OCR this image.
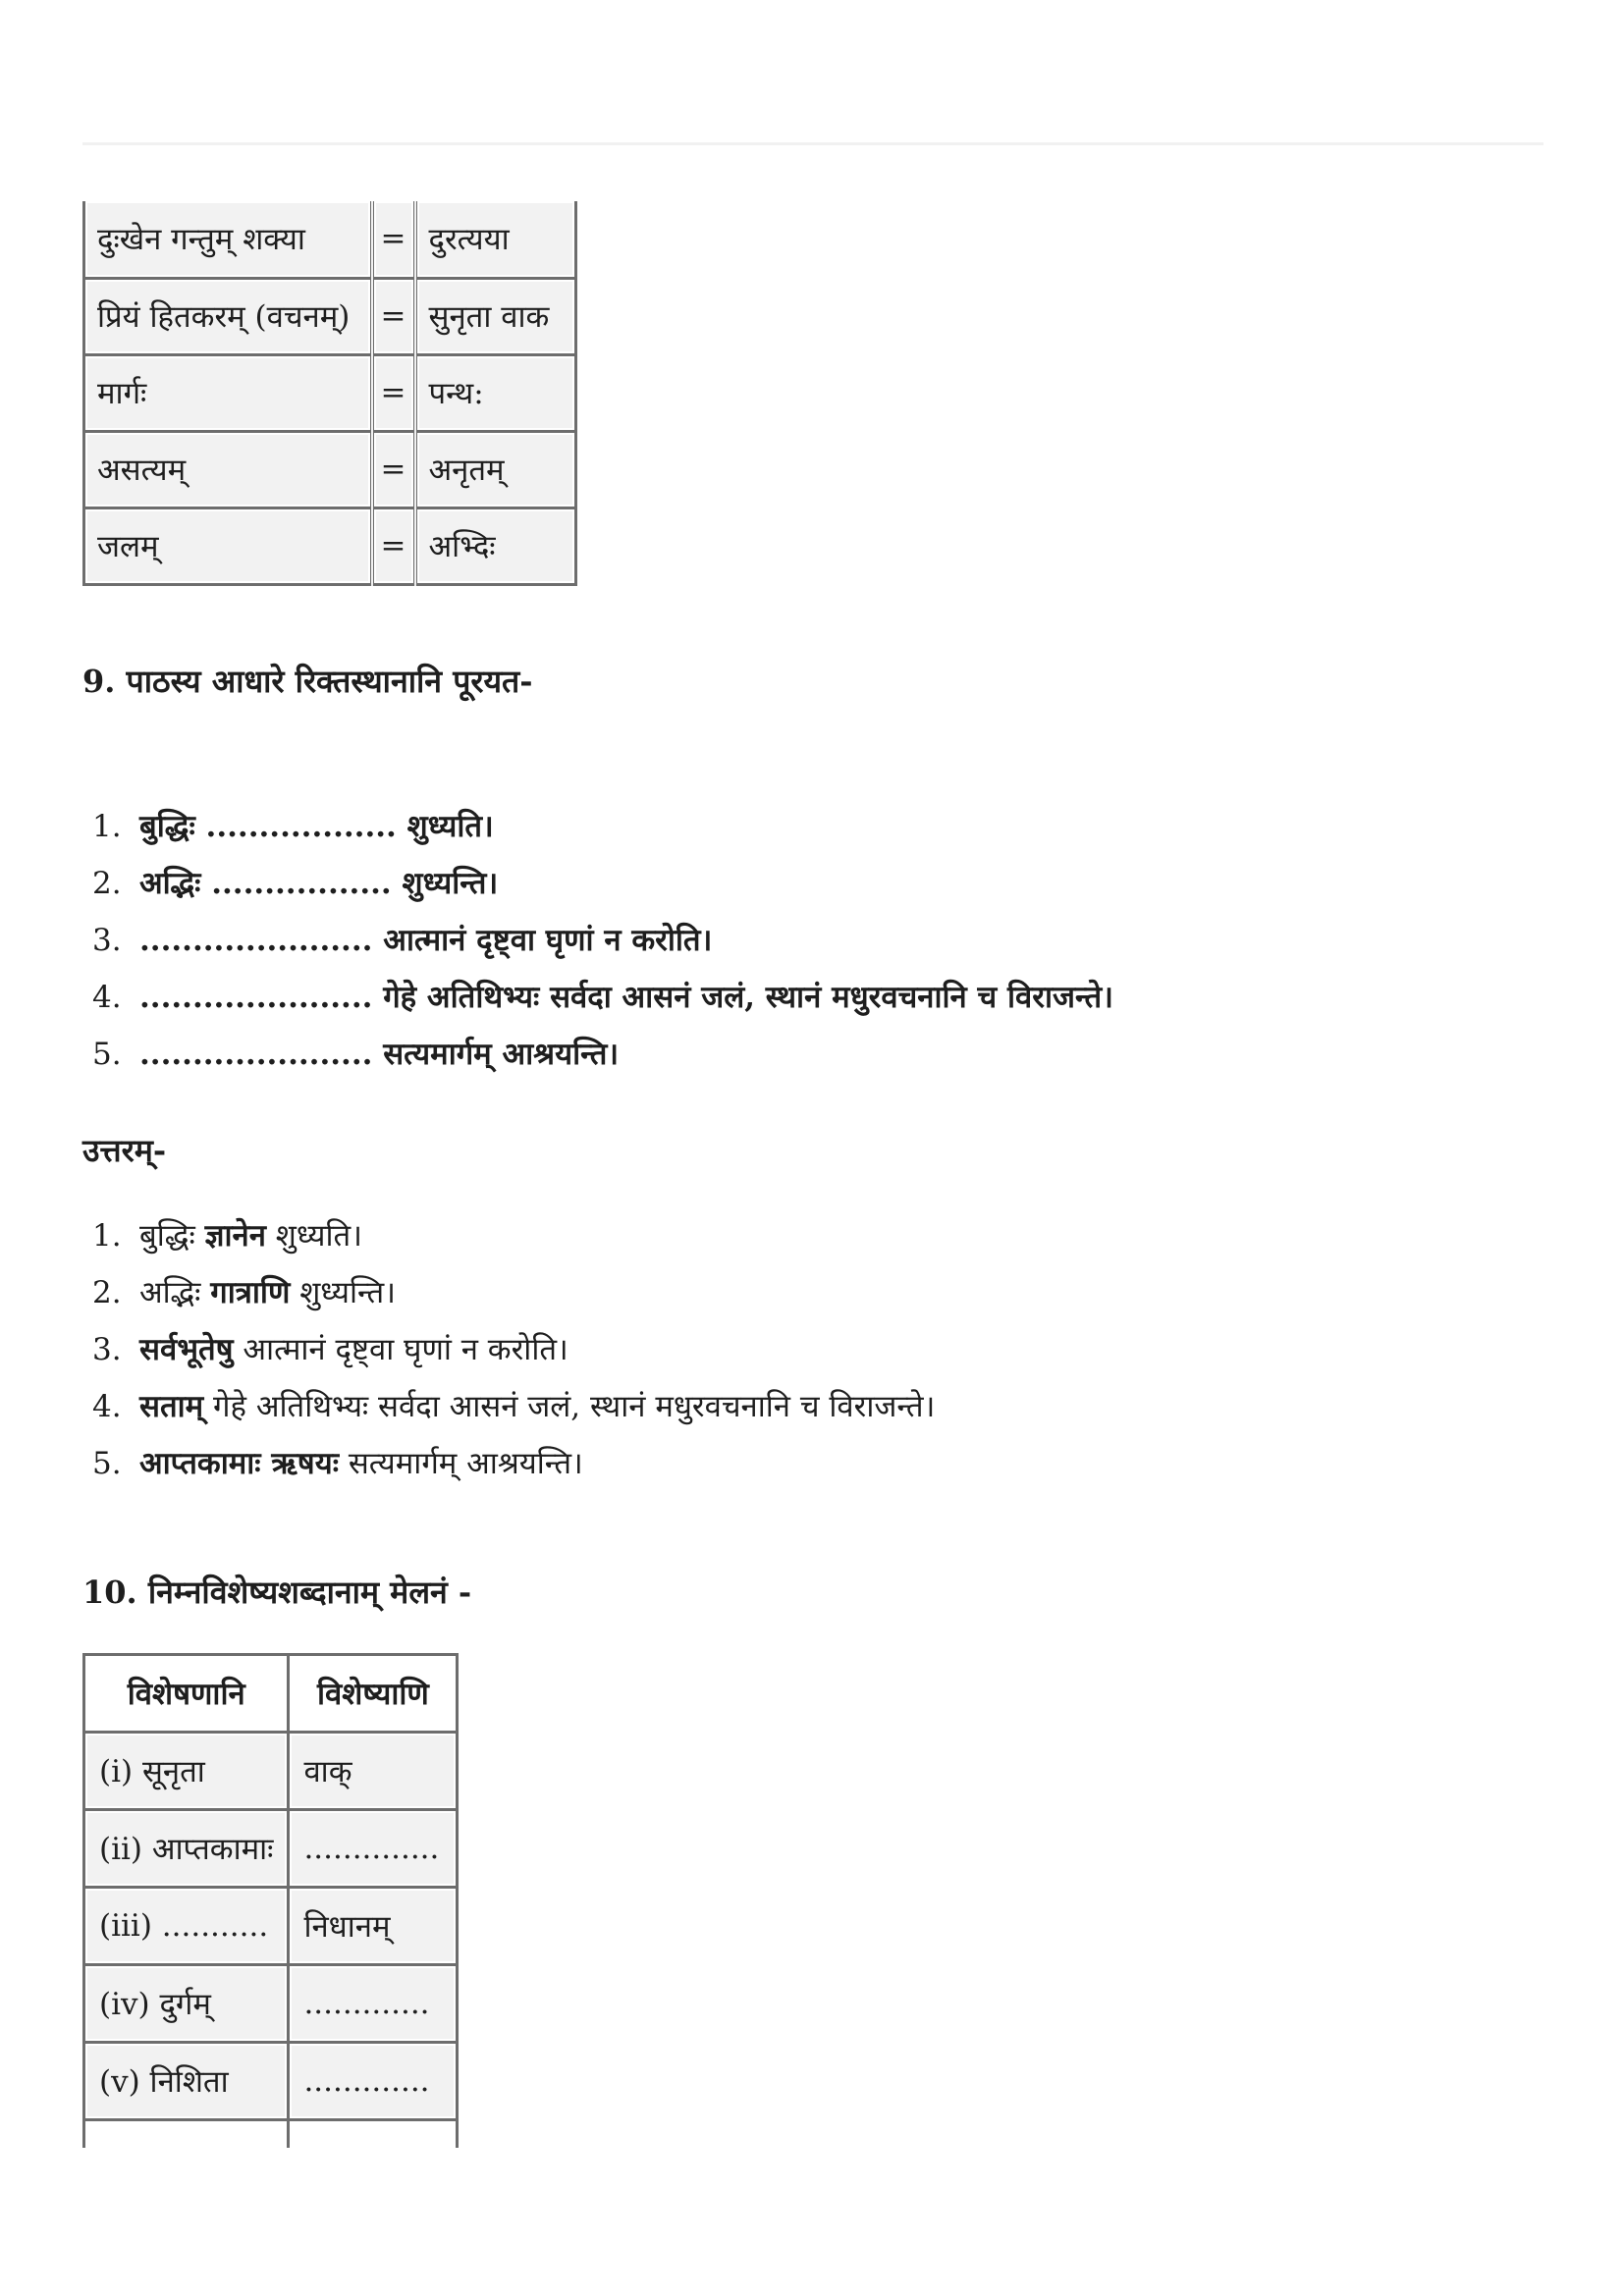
दुःखेन गन्तुम् शक्या	=	दुरत्यया
प्रियं हितकरम् (वचनम्)	=	सुनृता वाक
मार्गः	=	पन्थ:
असत्यम्	=	अनृतम्
जलम्	=	अभ्दिः
9. पाठस्य आधारे रिक्तस्थानानि पूरयत-
1. बुद्धिः .................. शुध्यति।
2. अद्भिः ................. शुध्यन्ति।
3. ...................... आत्मानं दृष्ट्वा घृणां न करोति।
4. ...................... गेहे अतिथिभ्यः सर्वदा आसनं जलं, स्थानं मधुरवचनानि च विराजन्ते।
5. ...................... सत्यमार्गम् आश्रयन्ति।
उत्तरम्-
1. बुद्धिः ज्ञानेन शुध्यति।
2. अद्भिः गात्राणि शुध्यन्ति।
3. सर्वभूतेषु आत्मानं दृष्ट्वा घृणां न करोति।
4. सताम् गेहे अतिथिभ्यः सर्वदा आसनं जलं, स्थानं मधुरवचनानि च विराजन्ते।
5. आप्तकामाः ऋषयः सत्यमार्गम् आश्रयन्ति।
10. निम्नविशेष्यशब्दानाम् मेलनं -
विशेषणानि	विशेष्याणि
(i) सूनृता	वाक्
(ii) आप्तकामाः	..............
(iii) ...........	निधानम्
(iv) दुर्गम्	.............
(v) निशिता	.............
